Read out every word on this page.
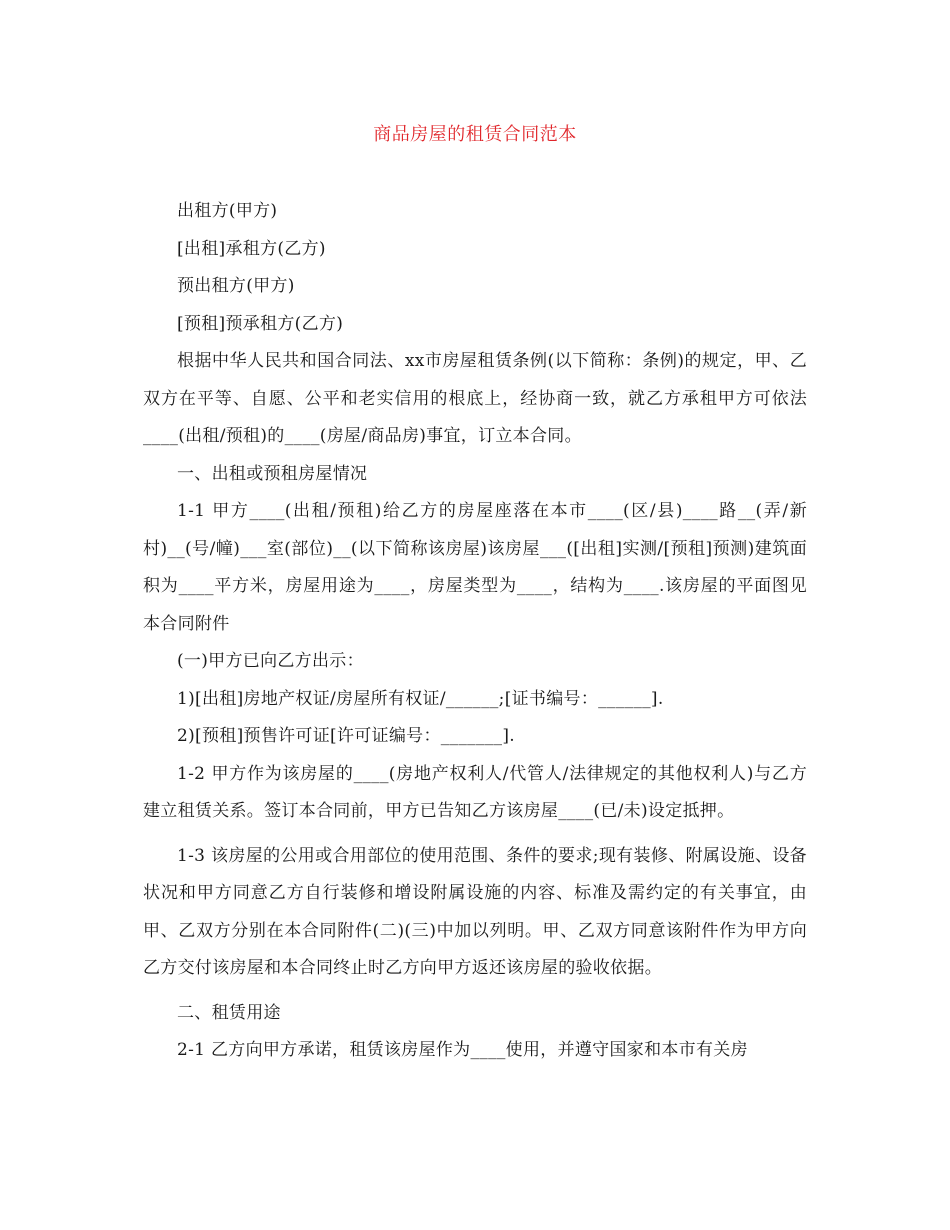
商品房屋的租赁合同范本

出租方(甲方)

[出租]承租方(乙方)

预出租方(甲方)

[预租]预承租方(乙方)

根据中华人民共和国合同法、xx市房屋租赁条例(以下简称：条例)的规定，甲、乙双方在平等、自愿、公平和老实信用的根底上，经协商一致，就乙方承租甲方可依法____(出租/预租)的____(房屋/商品房)事宜，订立本合同。

一、出租或预租房屋情况

1-1 甲方____(出租/预租)给乙方的房屋座落在本市____(区/县)____路__(弄/新村)__(号/幢)___室(部位)__(以下简称该房屋)该房屋___([出租]实测/[预租]预测)建筑面积为____平方米，房屋用途为____，房屋类型为____，结构为____.该房屋的平面图见本合同附件

(一)甲方已向乙方出示：

1)[出租]房地产权证/房屋所有权证/______;[证书编号：______].

2)[预租]预售许可证[许可证编号：_______].

1-2 甲方作为该房屋的____(房地产权利人/代管人/法律规定的其他权利人)与乙方建立租赁关系。签订本合同前，甲方已告知乙方该房屋____(已/未)设定抵押。

1-3 该房屋的公用或合用部位的使用范围、条件的要求;现有装修、附属设施、设备状况和甲方同意乙方自行装修和增设附属设施的内容、标准及需约定的有关事宜，由甲、乙双方分别在本合同附件(二)(三)中加以列明。甲、乙双方同意该附件作为甲方向乙方交付该房屋和本合同终止时乙方向甲方返还该房屋的验收依据。

二、租赁用途

2-1 乙方向甲方承诺，租赁该房屋作为____使用，并遵守国家和本市有关房
